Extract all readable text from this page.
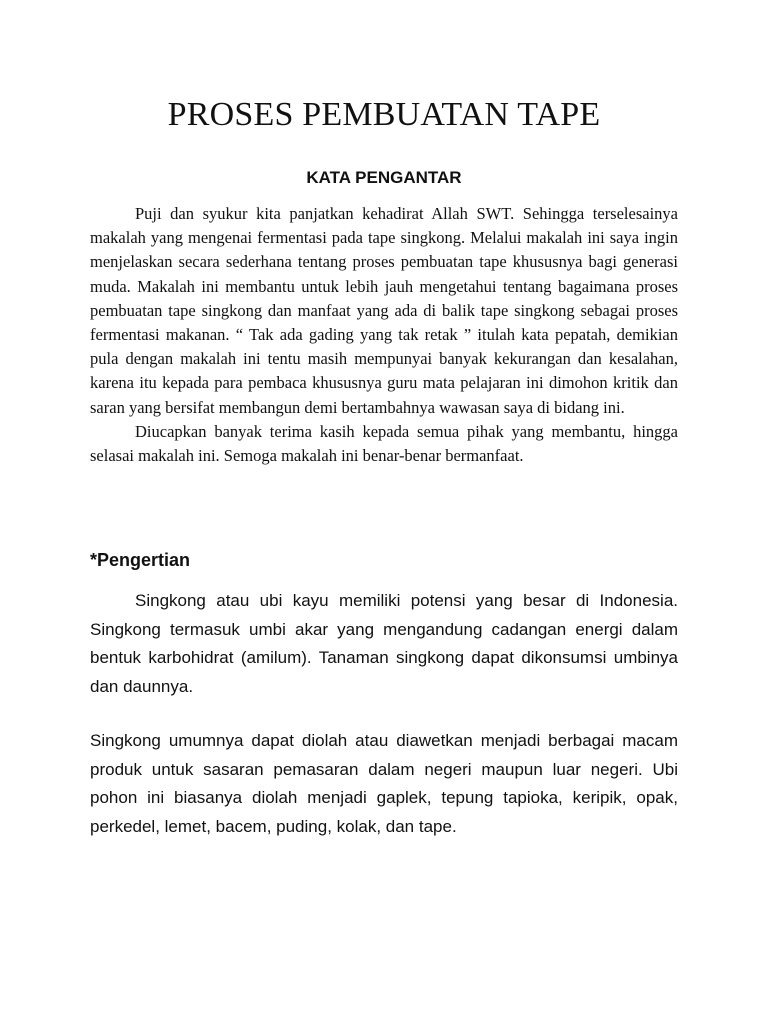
PROSES PEMBUATAN TAPE
KATA PENGANTAR

Puji dan syukur kita panjatkan kehadirat Allah SWT. Sehingga terselesainya makalah yang mengenai fermentasi pada tape singkong. Melalui makalah ini saya ingin menjelaskan secara sederhana tentang proses pembuatan tape khususnya bagi generasi muda. Makalah ini membantu untuk lebih jauh mengetahui tentang bagaimana proses pembuatan tape singkong dan manfaat yang ada di balik tape singkong sebagai proses fermentasi makanan. “ Tak ada gading yang tak retak ” itulah kata pepatah, demikian pula dengan makalah ini tentu masih mempunyai banyak kekurangan dan kesalahan, karena itu kepada para pembaca khususnya guru mata pelajaran ini dimohon kritik dan saran yang bersifat membangun demi bertambahnya wawasan saya di bidang ini.

Diucapkan banyak terima kasih kepada semua pihak yang membantu, hingga selasai makalah ini. Semoga makalah ini benar-benar bermanfaat.

*Pengertian

Singkong atau ubi kayu memiliki potensi yang besar di Indonesia. Singkong termasuk umbi akar yang mengandung cadangan energi dalam bentuk karbohidrat (amilum). Tanaman singkong dapat dikonsumsi umbinya dan daunnya.

Singkong umumnya dapat diolah atau diawetkan menjadi berbagai macam produk untuk sasaran pemasaran dalam negeri maupun luar negeri. Ubi pohon ini biasanya diolah menjadi gaplek, tepung tapioka, keripik, opak, perkedel, lemet, bacem, puding, kolak, dan tape.
